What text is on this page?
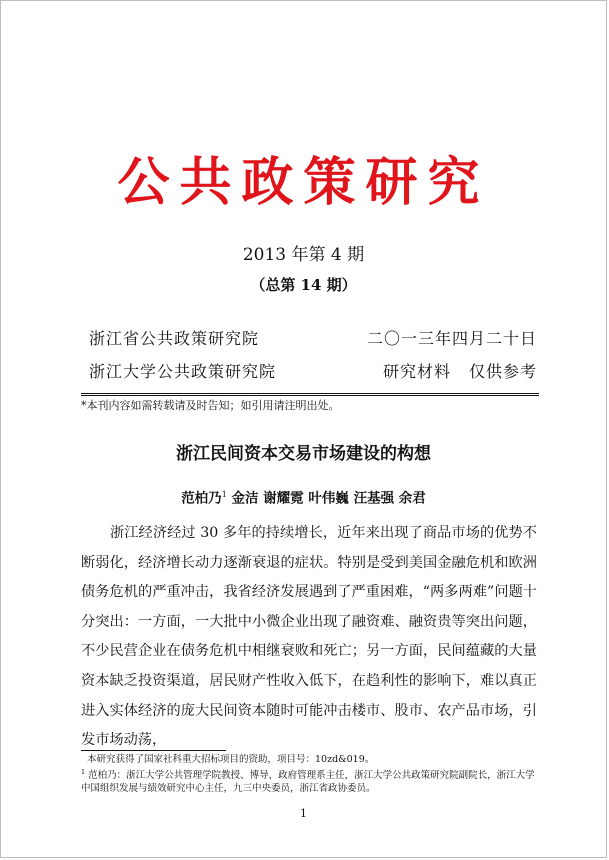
公共政策研究
2013 年第 4 期
（总第 14 期）
浙江省公共政策研究院	二〇一三年四月二十日
浙江大学公共政策研究院	研究材料 仅供参考
*本刊内容如需转载请及时告知；如引用请注明出处。
浙江民间资本交易市场建设的构想
范柏乃$^1$ 金洁 谢耀霓 叶伟巍 汪基强 余君

浙江经济经过 30 多年的持续增长，近年来出现了商品市场的优势不断弱化，经济增长动力逐渐衰退的症状。特别是受到美国金融危机和欧洲债务危机的严重冲击，我省经济发展遇到了严重困难，“两多两难”问题十分突出：一方面，一大批中小微企业出现了融资难、融资贵等突出问题，不少民营企业在债务危机中相继衰败和死亡；另一方面，民间蕴藏的大量资本缺乏投资渠道，居民财产性收入低下，在趋利性的影响下，难以真正进入实体经济的庞大民间资本随时可能冲击楼市、股市、农产品市场，引发市场动荡，

本研究获得了国家社科重大招标项目的资助，项目号：10zd&019。

$^1$ 范柏乃：浙江大学公共管理学院教授、博导，政府管理系主任，浙江大学公共政策研究院副院长，浙江大学中国组织发展与绩效研究中心主任，九三中央委员，浙江省政协委员。

1
